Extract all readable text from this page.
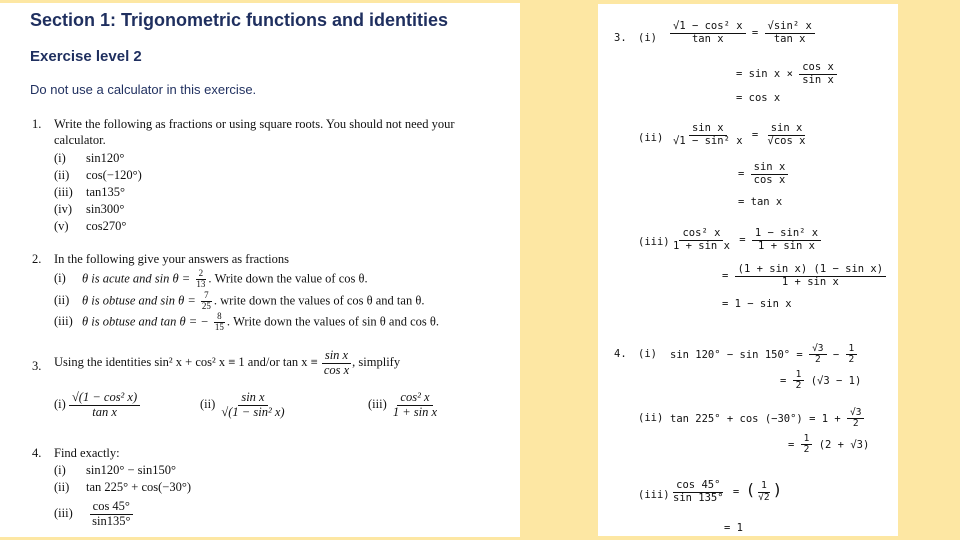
Section 1: Trigonometric functions and identities
Exercise level 2
Do not use a calculator in this exercise.
1. Write the following as fractions or using square roots. You should not need your
calculator.
(i) sin120°
(ii) cos(−120°)
(iii) tan135°
(iv) sin300°
(v) cos270°
2. In the following give your answers as fractions
(i) θ is acute and $\sin \theta = \frac{2}{13}$ . Write down the value of cos θ.
(ii) θ is obtuse and $\sin \theta = \frac{7}{25}$ . write down the values of cos θ and tan θ.
(iii) θ is obtuse and tan θ = − $\frac{8}{15}$ . Write down the values of sin θ and cos θ.
3. Using the identities sin² x + cos² x ≡ 1 and/or $\tan x \equiv \frac{\text{sin x}}{\text{cos x}}$ , simplify
$(i) \frac{\text{√(1 − cos² x)}}{\text{tan x}}$	$(ii) \frac{\text{sin x}}{\text{√(1 − sin² x)}}$	$(iii) \frac{\text{cos² x}}{\text{1 + sin x}}$
4. Find exactly:
(i) sin120° − sin150°
(ii) tan 225° + cos(−30°)
$(iii) \frac{\cos 45^\circ}{\sin 135^\circ}$
3. $(i) \frac{\text{√1 − cos² x}}{\text{tan x}} = \frac{\text{√sin² x}}{\text{tan x}}$
= $\sin x \times \frac{\text{cos x}}{\text{sin x}}$
= cos x
$(ii) \frac{\text{sin x}}{\text{√1 − sin² x}} = \frac{\text{sin x}}{\text{√cos x}}$
= $\frac{\text{sin x}}{\text{cos x}}$
= tan x
$(iii) \frac{\text{cos² x}}{\text{1 + sin x}} = \frac{\text{1 − sin² x}}{\text{1 + sin x}}$
= $\frac{\text{(1 + sin x) (1 − sin x)}}{\text{1 + sin x}}$
= 1 − sin x
4. (i) $\sin 120^\circ - \sin 150^\circ = \frac{√3}{2} - \frac{1}{2}$
= $\frac{1}{2} (√3 - 1)$
(ii) $\tan 225^\circ + \cos (-30^\circ) = 1 + \frac{√3}{2}$
= $\frac{1}{2} (2 + √3)$
$(iii) \frac{\cos 45^\circ}{\sin 135^\circ}$ = ( $\frac{1}{√2}$ )
= 1
